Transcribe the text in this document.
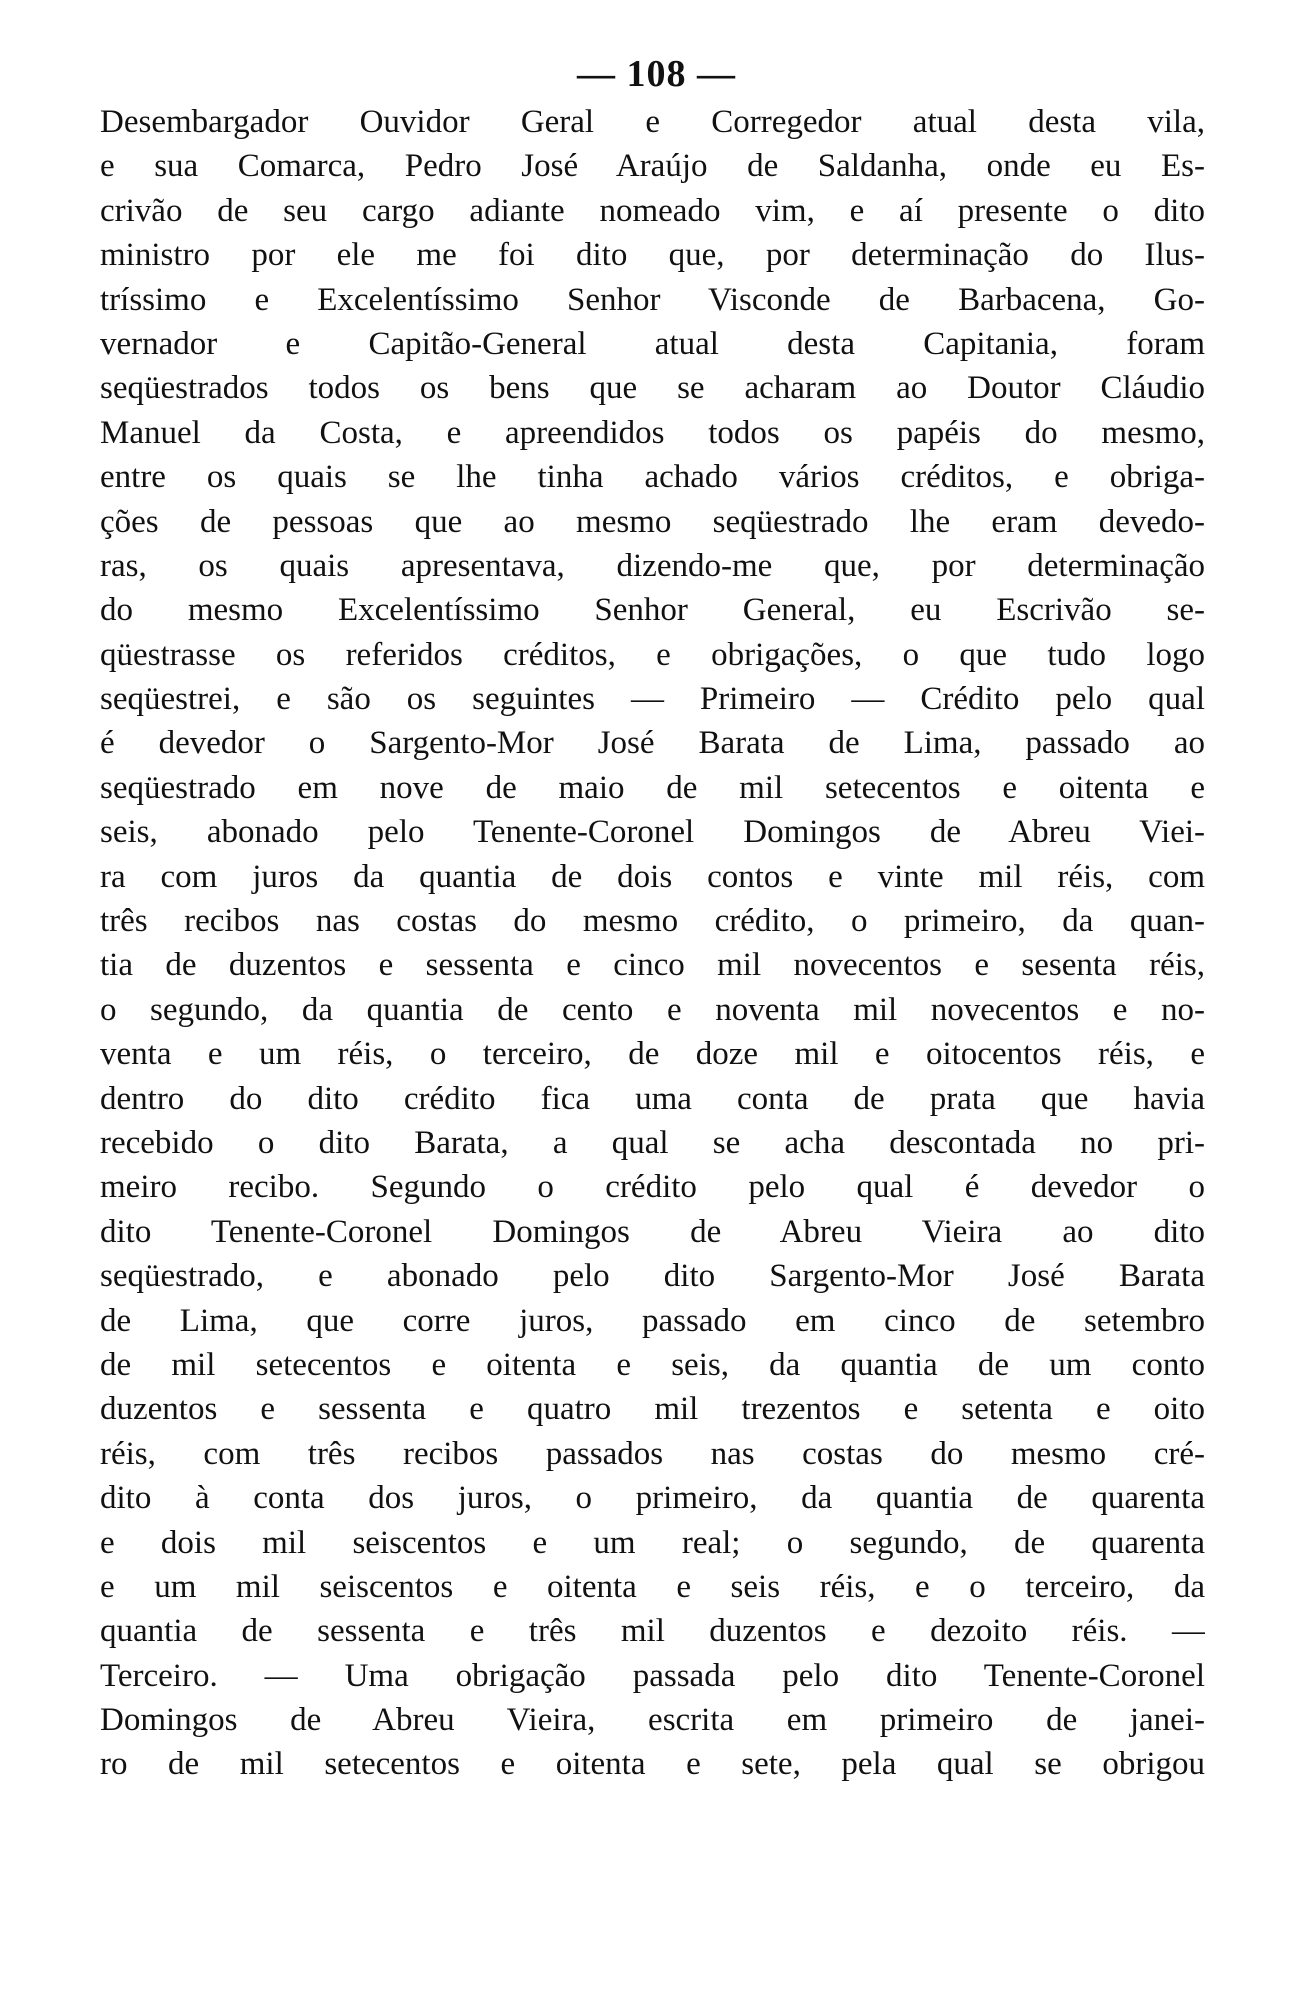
— 108 —
Desembargador Ouvidor Geral e Corregedor atual desta vila,
e sua Comarca, Pedro José Araújo de Saldanha, onde eu Es-
crivão de seu cargo adiante nomeado vim, e aí presente o dito
ministro por ele me foi dito que, por determinação do Ilus-
tríssimo e Excelentíssimo Senhor Visconde de Barbacena, Go-
vernador e Capitão-General atual desta Capitania, foram
seqüestrados todos os bens que se acharam ao Doutor Cláudio
Manuel da Costa, e apreendidos todos os papéis do mesmo,
entre os quais se lhe tinha achado vários créditos, e obriga-
ções de pessoas que ao mesmo seqüestrado lhe eram devedo-
ras, os quais apresentava, dizendo-me que, por determinação
do mesmo Excelentíssimo Senhor General, eu Escrivão se-
qüestrasse os referidos créditos, e obrigações, o que tudo logo
seqüestrei, e são os seguintes — Primeiro — Crédito pelo qual
é devedor o Sargento-Mor José Barata de Lima, passado ao
seqüestrado em nove de maio de mil setecentos e oitenta e
seis, abonado pelo Tenente-Coronel Domingos de Abreu Viei-
ra com juros da quantia de dois contos e vinte mil réis, com
três recibos nas costas do mesmo crédito, o primeiro, da quan-
tia de duzentos e sessenta e cinco mil novecentos e sesenta réis,
o segundo, da quantia de cento e noventa mil novecentos e no-
venta e um réis, o terceiro, de doze mil e oitocentos réis, e
dentro do dito crédito fica uma conta de prata que havia
recebido o dito Barata, a qual se acha descontada no pri-
meiro recibo. Segundo o crédito pelo qual é devedor o
dito Tenente-Coronel Domingos de Abreu Vieira ao dito
seqüestrado, e abonado pelo dito Sargento-Mor José Barata
de Lima, que corre juros, passado em cinco de setembro
de mil setecentos e oitenta e seis, da quantia de um conto
duzentos e sessenta e quatro mil trezentos e setenta e oito
réis, com três recibos passados nas costas do mesmo cré-
dito à conta dos juros, o primeiro, da quantia de quarenta
e dois mil seiscentos e um real; o segundo, de quarenta
e um mil seiscentos e oitenta e seis réis, e o terceiro, da
quantia de sessenta e três mil duzentos e dezoito réis. —
Terceiro. — Uma obrigação passada pelo dito Tenente-Coronel
Domingos de Abreu Vieira, escrita em primeiro de janei-
ro de mil setecentos e oitenta e sete, pela qual se obrigou
